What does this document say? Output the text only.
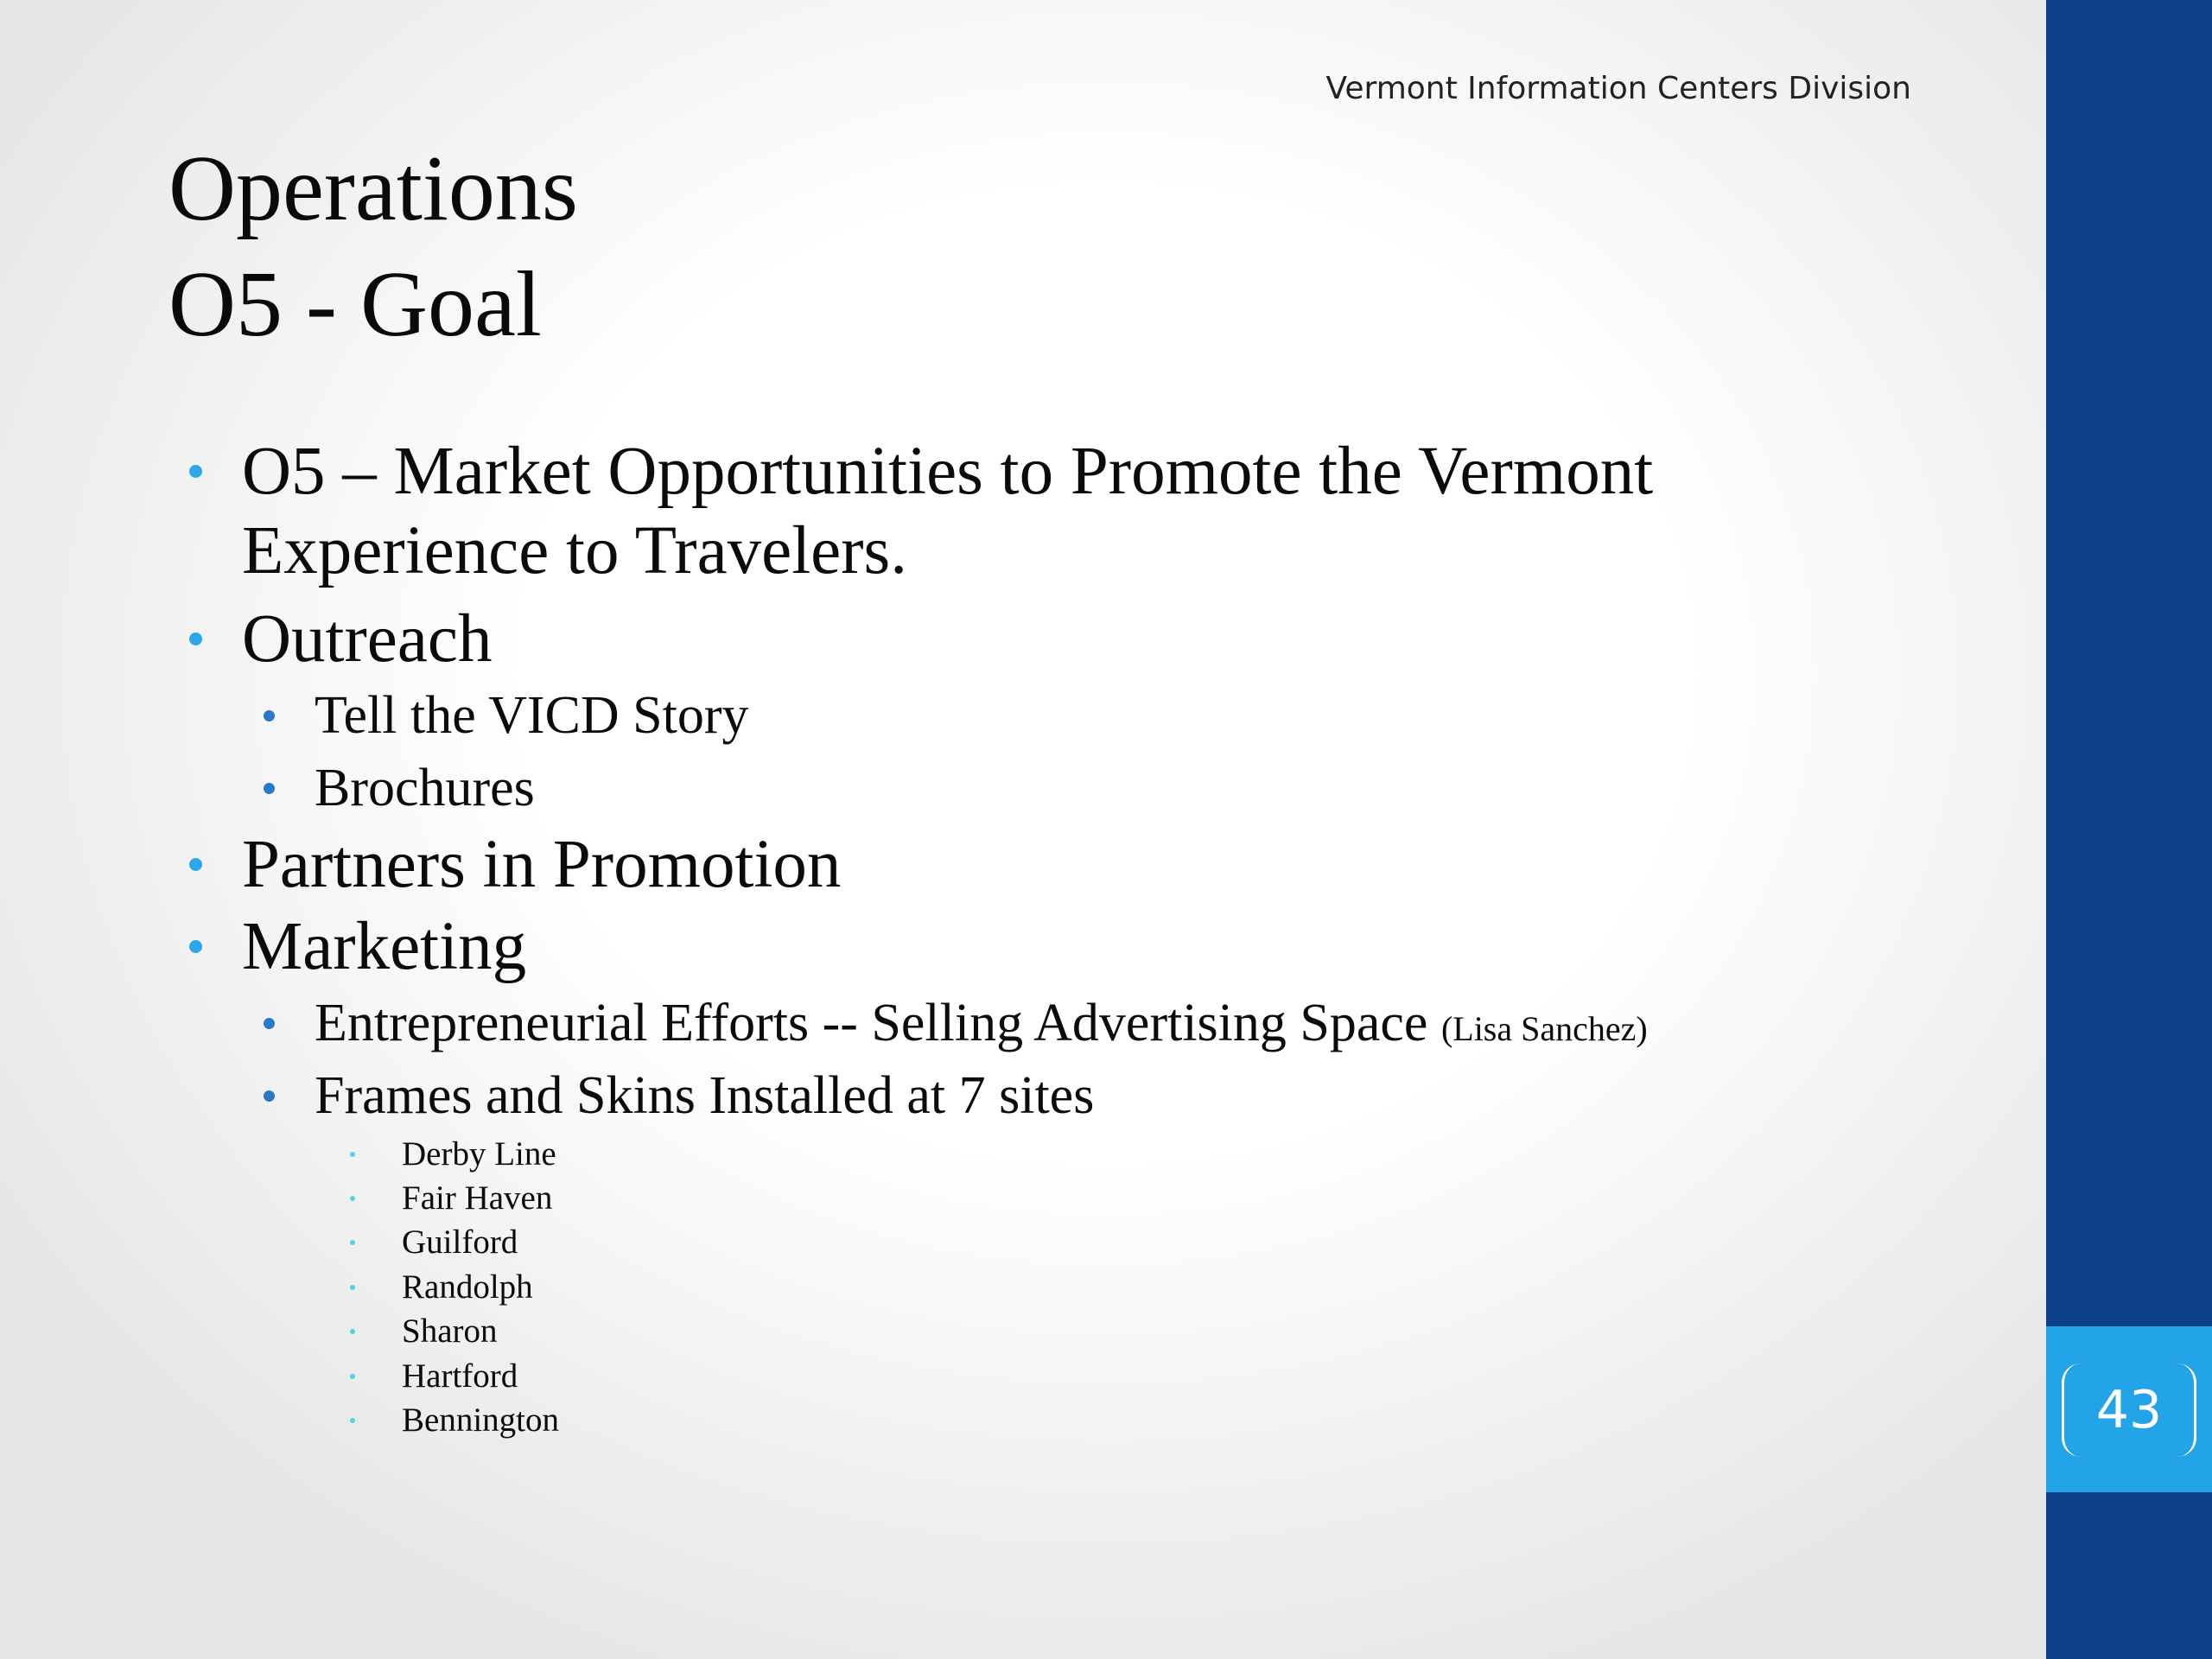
43
Vermont Information Centers Division
Operations
O5 - Goal
O5 – Market Opportunities to Promote the Vermont
Experience to Travelers.
Outreach
Tell the VICD Story
Brochures
Partners in Promotion
Marketing
Entrepreneurial Efforts -- Selling Advertising Space (Lisa Sanchez)
Frames and Skins Installed at 7 sites
Derby Line
Fair Haven
Guilford
Randolph
Sharon
Hartford
Bennington
